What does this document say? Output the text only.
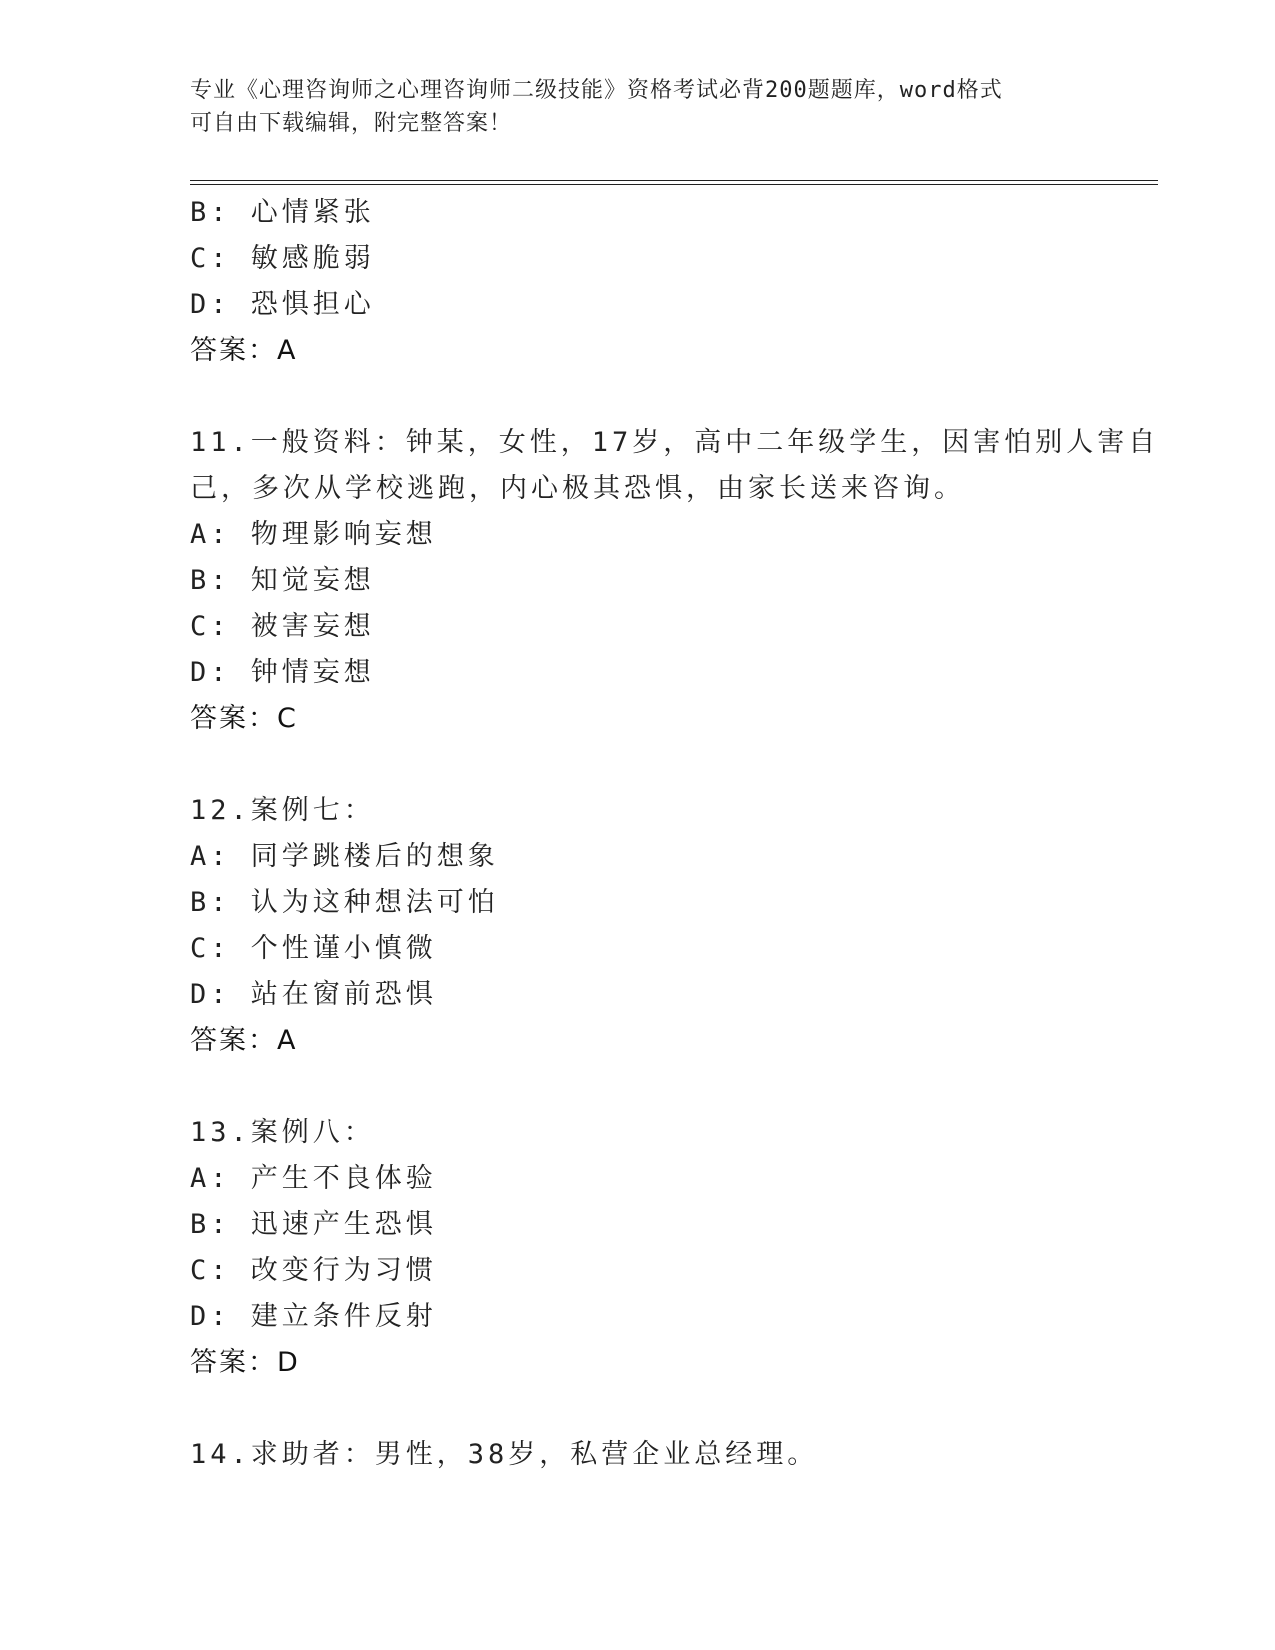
专业《心理咨询师之心理咨询师二级技能》资格考试必背200题题库，word格式
可自由下载编辑，附完整答案！
B: 心情紧张
C: 敏感脆弱
D: 恐惧担心
答案：A
11.一般资料：钟某，女性，17岁，高中二年级学生，因害怕别人害自
己，多次从学校逃跑，内心极其恐惧，由家长送来咨询。
A: 物理影响妄想
B: 知觉妄想
C: 被害妄想
D: 钟情妄想
答案：C
12.案例七：
A: 同学跳楼后的想象
B: 认为这种想法可怕
C: 个性谨小慎微
D: 站在窗前恐惧
答案：A
13.案例八：
A: 产生不良体验
B: 迅速产生恐惧
C: 改变行为习惯
D: 建立条件反射
答案：D
14.求助者：男性，38岁，私营企业总经理。
